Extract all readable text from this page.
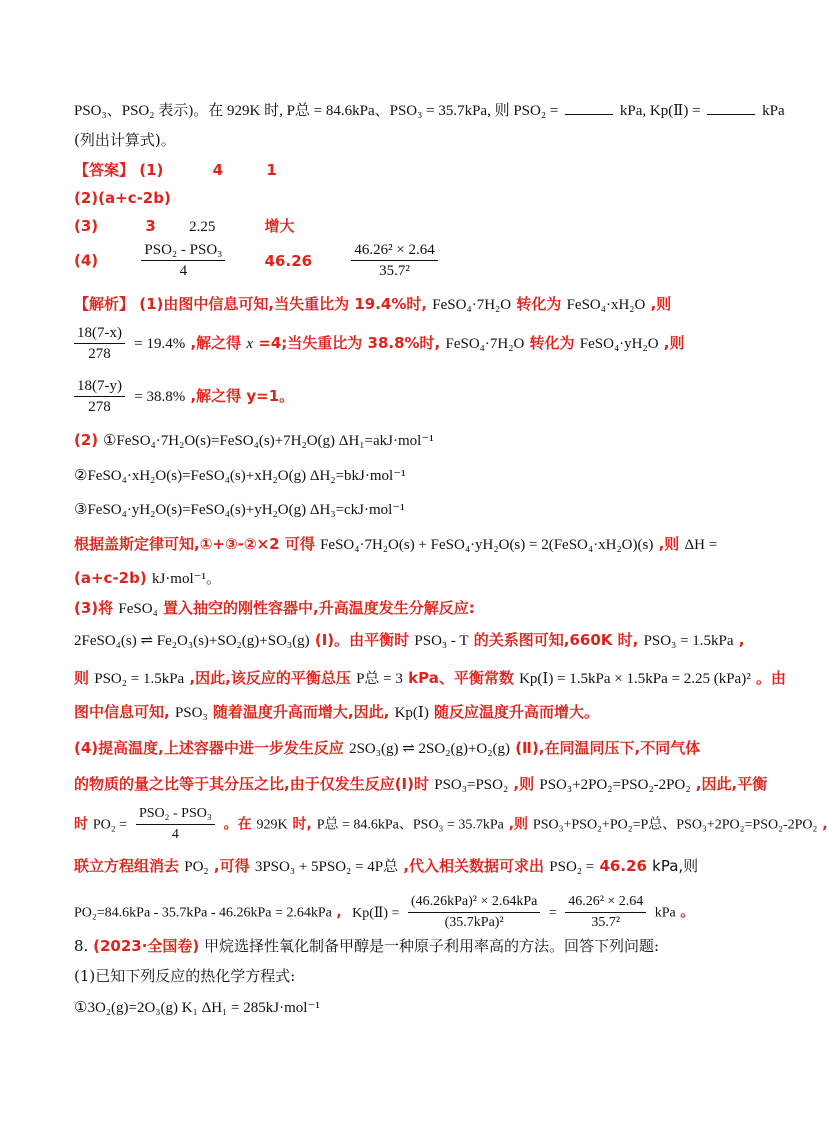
PSO₃、PSO₂ 表示)。在 929K 时, P总 = 84.6kPa、PSO₃ = 35.7kPa, 则 PSO₂ =	kPa, Kp(Ⅱ) =	kPa
(列出计算式)。
【答案】 (1)	4	1
(2)(a+c-2b)
(3)	3 2.25	增大
(4)	$\frac{\text{PSO₂ - PSO₃}}{4}$	46.26	$\frac{\text{46.26² × 2.64}}{\text{35.7²}}$
【解析】 (1)由图中信息可知,当失重比为 19.4%时, FeSO₄·7H₂O 转化为 FeSO₄·xH₂O ,则
$\frac{18(7-x)}{278} = 19.4\%$ ,解之得 x =4;当失重比为 38.8%时, FeSO₄·7H₂O 转化为 FeSO₄·yH₂O ,则
$\frac{18(7-y)}{278} = 38.8\%$ ,解之得 y=1。
(2) ①FeSO₄·7H₂O(s)=FeSO₄(s)+7H₂O(g) ΔH₁=akJ·mol⁻¹
②FeSO₄·xH₂O(s)=FeSO₄(s)+xH₂O(g) ΔH₂=bkJ·mol⁻¹
③FeSO₄·yH₂O(s)=FeSO₄(s)+yH₂O(g) ΔH₃=ckJ·mol⁻¹
根据盖斯定律可知,①+③-②×2 可得 FeSO₄·7H₂O(s) + FeSO₄·yH₂O(s) = 2(FeSO₄·xH₂O)(s) ,则 ΔH =
(a+c-2b) kJ·mol⁻¹。
(3)将 FeSO₄ 置入抽空的刚性容器中,升高温度发生分解反应:
2FeSO₄(s) ⇌ Fe₂O₃(s)+SO₂(g)+SO₃(g) (Ⅰ)。由平衡时 PSO₃ - T 的关系图可知,660K 时, PSO₃ = 1.5kPa ,
则 PSO₂ = 1.5kPa ,因此,该反应的平衡总压 P总 = 3 kPa、平衡常数 Kp(Ⅰ) = 1.5kPa × 1.5kPa = 2.25 (kPa)² 。由
图中信息可知, PSO₃ 随着温度升高而增大,因此, Kp(Ⅰ) 随反应温度升高而增大。
(4)提高温度,上述容器中进一步发生反应 2SO₃(g) ⇌ 2SO₂(g)+O₂(g) (Ⅱ),在同温同压下,不同气体
的物质的量之比等于其分压之比,由于仅发生反应(Ⅰ)时 PSO₃=PSO₂ ,则 PSO₃+2PO₂=PSO₂-2PO₂ ,因此,平衡
时 $PO_2 = \frac{\text{PSO₂ - PSO₃}}{4}$ 。在 929K 时, P总 = 84.6kPa、PSO₃ = 35.7kPa ,则 PSO₃+PSO₂+PO₂=P总、PSO₃+2PO₂=PSO₂-2PO₂ ,
联立方程组消去 PO₂ ,可得 3PSO₃ + 5PSO₂ = 4P总 ,代入相关数据可求出 PSO₂ = 46.26 kPa,则
PO₂=84.6kPa - 35.7kPa - 46.26kPa = 2.64kPa , Kp(Ⅱ) = $\frac{\text{(46.26kPa)² × 2.64kPa}}{\text{(35.7kPa)²}} = \frac{\text{46.26² × 2.64}}{\text{35.7²}}$ kPa 。
8. (2023·全国卷) 甲烷选择性氧化制备甲醇是一种原子利用率高的方法。回答下列问题:
(1)已知下列反应的热化学方程式:
①3O₂(g)=2O₃(g) K₁ ΔH₁ = 285kJ·mol⁻¹
